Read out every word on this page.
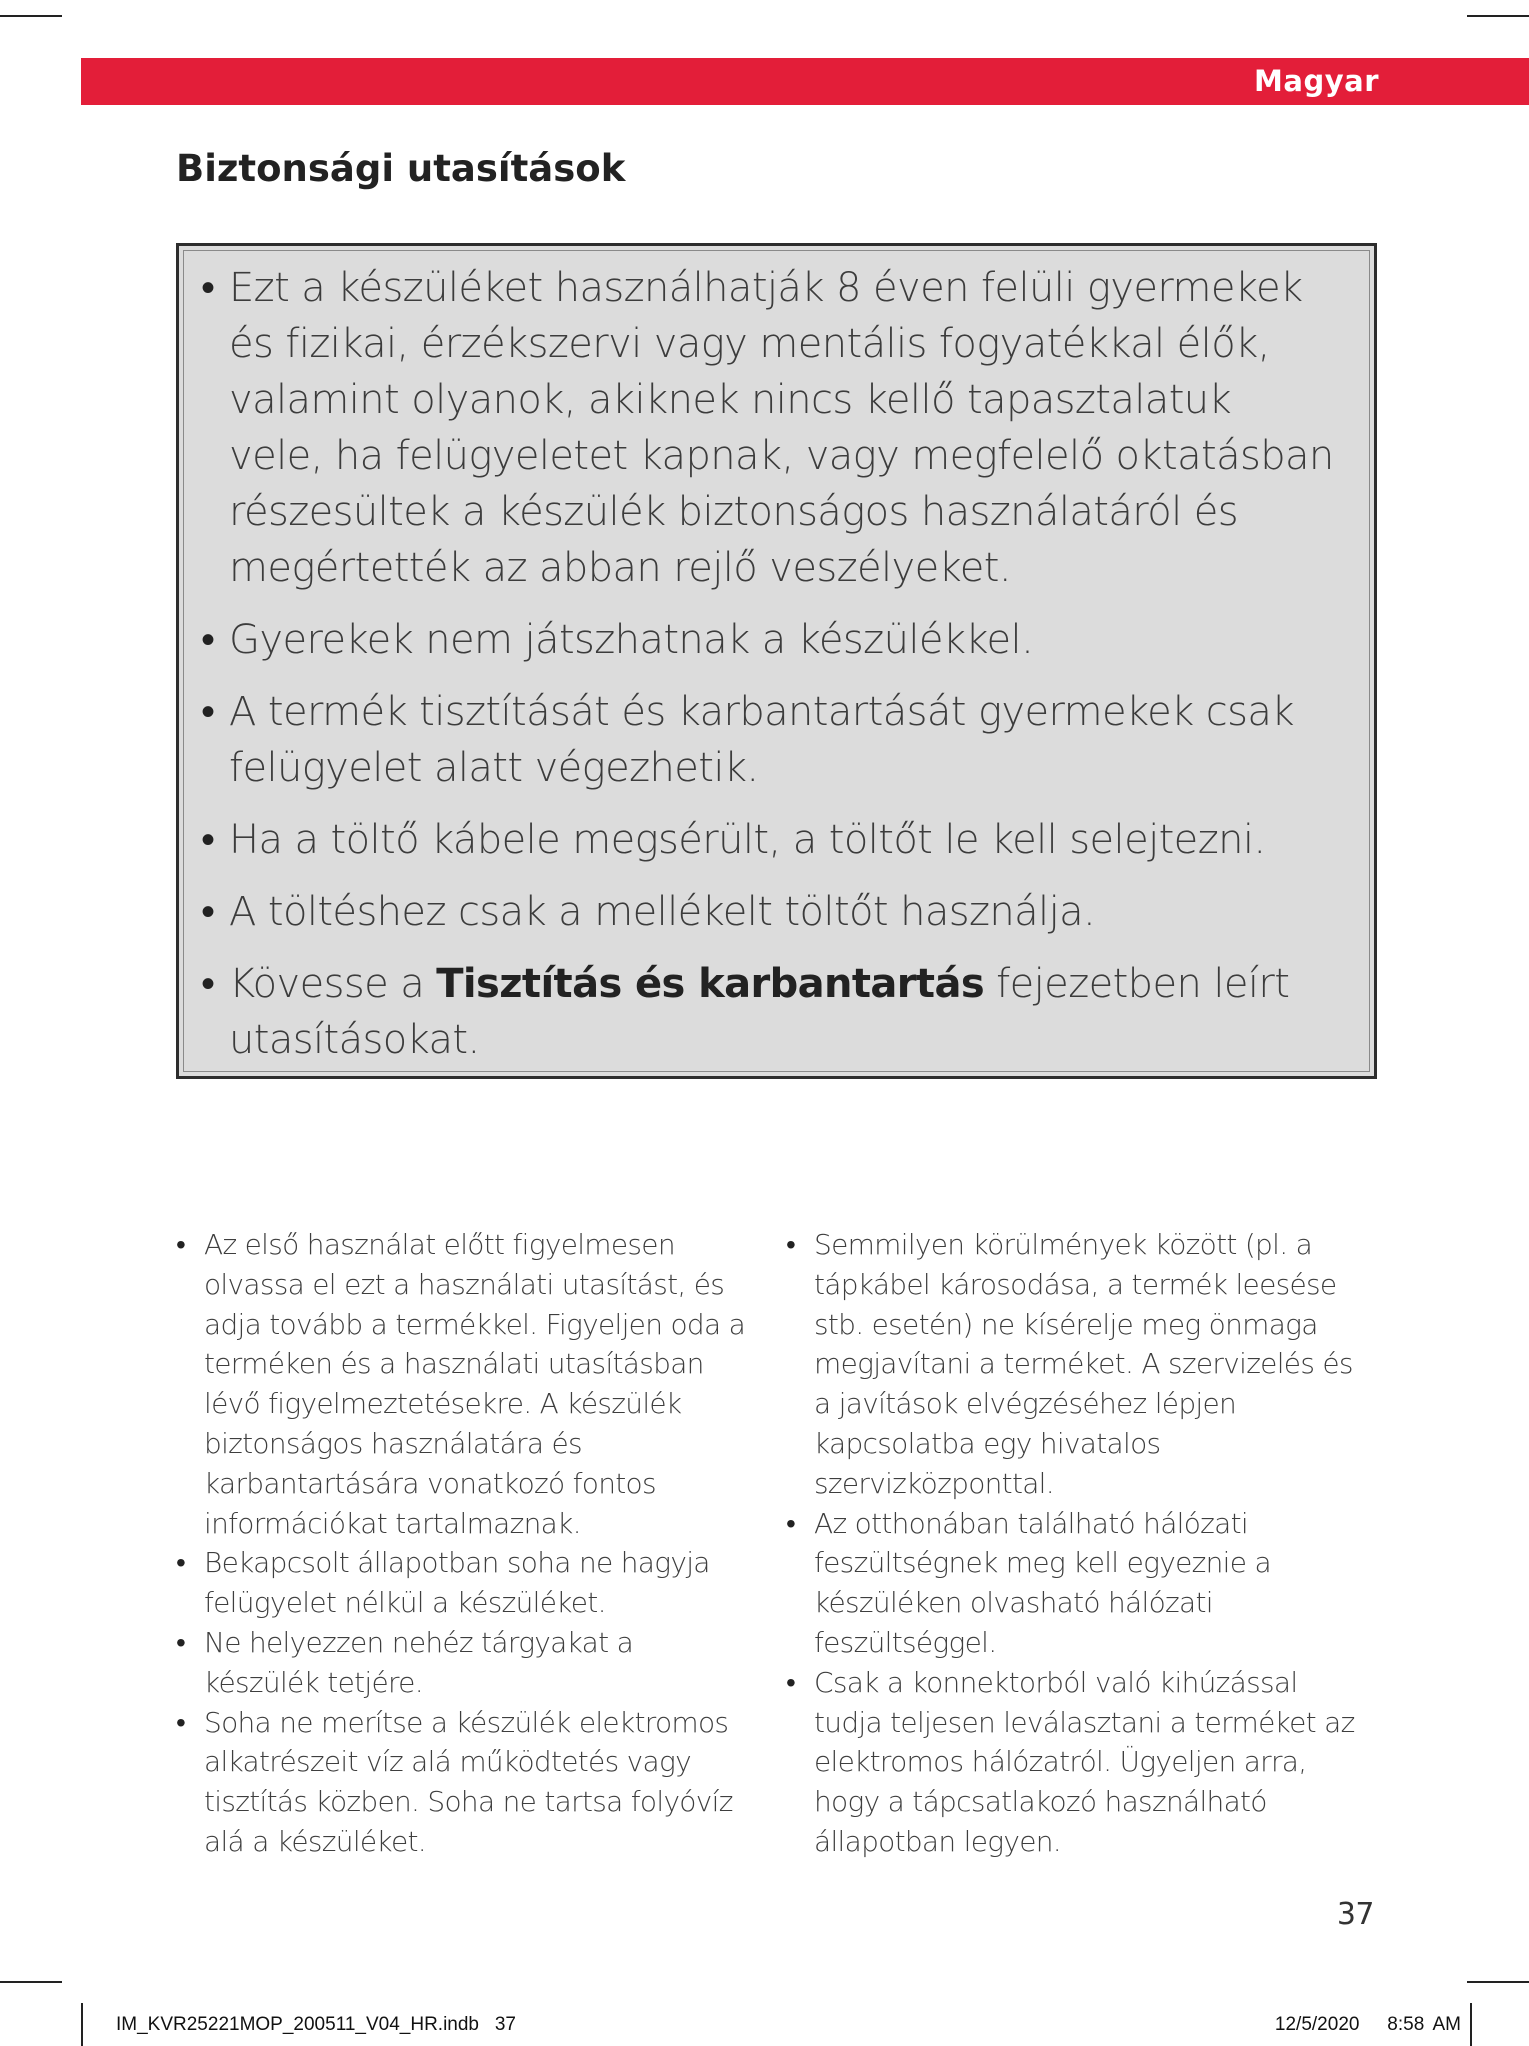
Magyar
Biztonsági utasítások
• Ezt a készüléket használhatják 8 éven felüli gyermekek és fizikai, érzékszervi vagy mentális fogyatékkal élők, valamint olyanok, akiknek nincs kellő tapasztalatuk vele, ha felügyeletet kapnak, vagy megfelelő oktatásban részesültek a készülék biztonságos használatáról és megértették az abban rejlő veszélyeket.
• Gyerekek nem játszhatnak a készülékkel.
• A termék tisztítását és karbantartását gyermekek csak felügyelet alatt végezhetik.
• Ha a töltő kábele megsérült, a töltőt le kell selejtezni.
• A töltéshez csak a mellékelt töltőt használja.
• Kövesse a Tisztítás és karbantartás fejezetben leírt utasításokat.
• Az első használat előtt figyelmesen olvassa el ezt a használati utasítást, és adja tovább a termékkel. Figyeljen oda a terméken és a használati utasításban lévő figyelmeztetésekre. A készülék biztonságos használatára és karbantartására vonatkozó fontos információkat tartalmaznak.
• Bekapcsolt állapotban soha ne hagyja felügyelet nélkül a készüléket.
• Ne helyezzen nehéz tárgyakat a készülék tetjére.
• Soha ne merítse a készülék elektromos alkatrészeit víz alá működtetés vagy tisztítás közben. Soha ne tartsa folyóvíz alá a készüléket.
• Semmilyen körülmények között (pl. a tápkábel károsodása, a termék leesése stb. esetén) ne kísérelje meg önmaga megjavítani a terméket. A szervizelés és a javítások elvégzéséhez lépjen kapcsolatba egy hivatalos szervizközponttal.
• Az otthonában található hálózati feszültségnek meg kell egyeznie a készüléken olvasható hálózati feszültséggel.
• Csak a konnektorból való kihúzással tudja teljesen leválasztani a terméket az elektromos hálózatról. Ügyeljen arra, hogy a tápcsatlakozó használható állapotban legyen.
37
IM_KVR25221MOP_200511_V04_HR.indb   37	12/5/2020   8:58 AM
